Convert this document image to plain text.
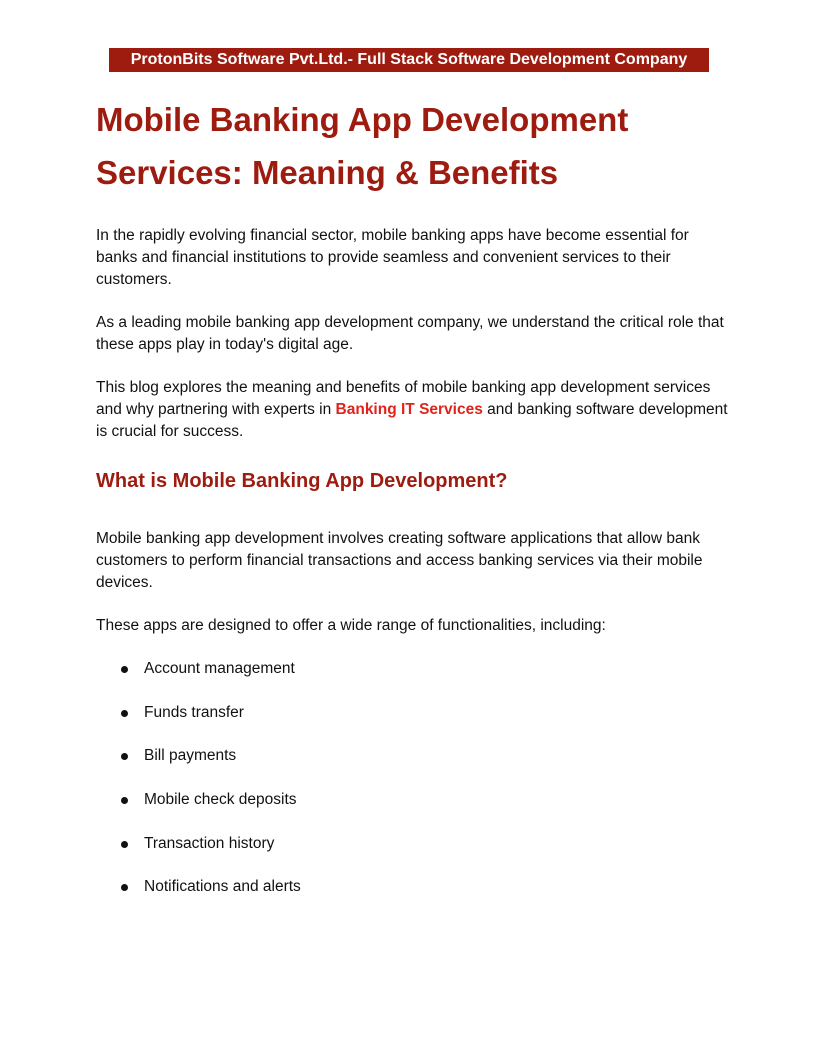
ProtonBits Software Pvt.Ltd.- Full Stack Software Development Company
Mobile Banking App Development Services: Meaning & Benefits

In the rapidly evolving financial sector, mobile banking apps have become essential for banks and financial institutions to provide seamless and convenient services to their customers.

As a leading mobile banking app development company, we understand the critical role that these apps play in today's digital age.

This blog explores the meaning and benefits of mobile banking app development services and why partnering with experts in Banking IT Services and banking software development is crucial for success.

What is Mobile Banking App Development?

Mobile banking app development involves creating software applications that allow bank customers to perform financial transactions and access banking services via their mobile devices.

These apps are designed to offer a wide range of functionalities, including:

Account management
Funds transfer
Bill payments
Mobile check deposits
Transaction history
Notifications and alerts
